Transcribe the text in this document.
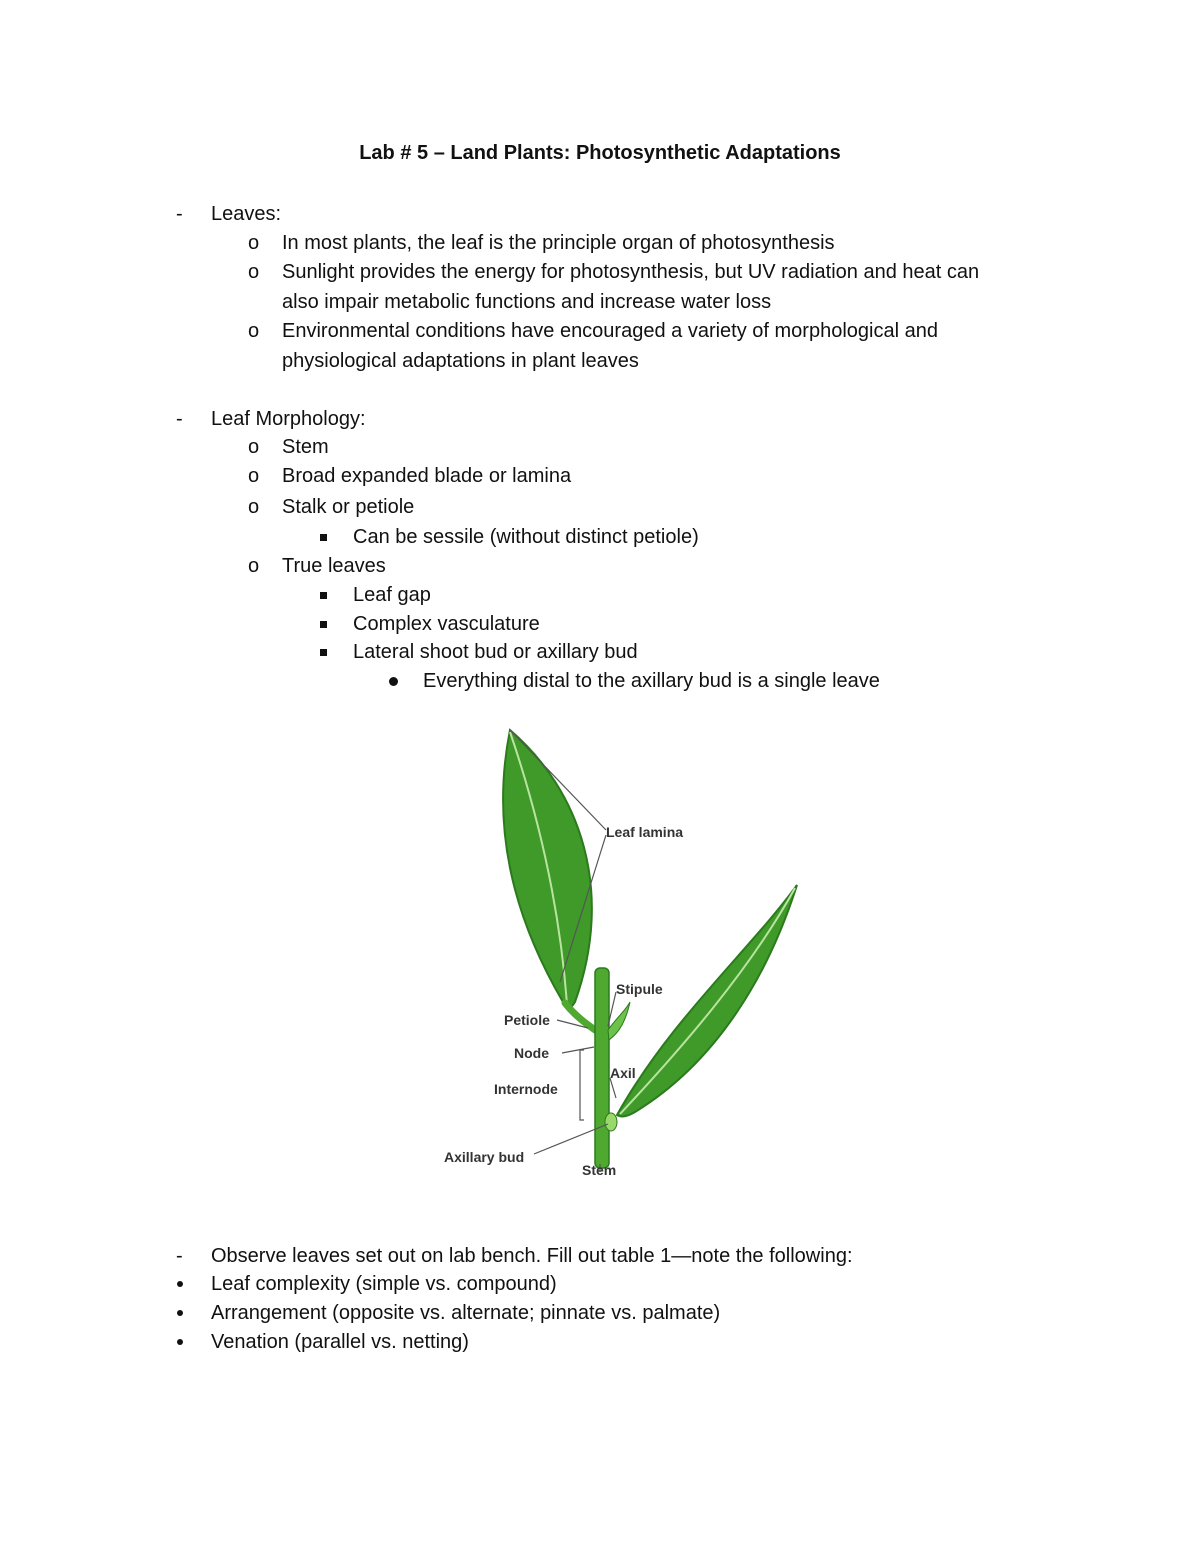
Lab # 5 – Land Plants: Photosynthetic Adaptations
- Leaves:
o In most plants, the leaf is the principle organ of photosynthesis
o Sunlight provides the energy for photosynthesis, but UV radiation and heat can
also impair metabolic functions and increase water loss
o Environmental conditions have encouraged a variety of morphological and
physiological adaptations in plant leaves
- Leaf Morphology:
o Stem
o Broad expanded blade or lamina
o Stalk or petiole
Can be sessile (without distinct petiole)
o True leaves
Leaf gap
Complex vasculature
Lateral shoot bud or axillary bud
Everything distal to the axillary bud is a single leave
Leaf lamina
Stipule
Petiole
Node
Internode
Axil
Axillary bud
Stem
- Observe leaves set out on lab bench. Fill out table 1—note the following:
Leaf complexity (simple vs. compound)
Arrangement (opposite vs. alternate; pinnate vs. palmate)
Venation (parallel vs. netting)
